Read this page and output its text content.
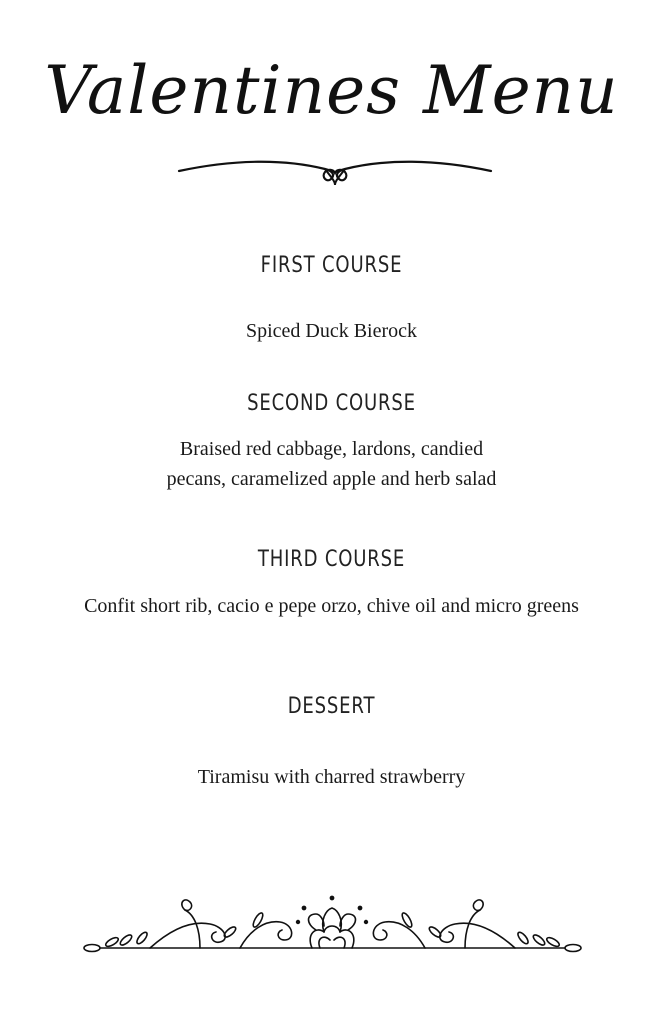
Valentines Menu
FIRST COURSE
Spiced Duck Bierock
SECOND COURSE
Braised red cabbage, lardons, candied
pecans, caramelized apple and herb salad
THIRD COURSE
Confit short rib, cacio e pepe orzo, chive oil and micro greens
DESSERT
Tiramisu with charred strawberry
